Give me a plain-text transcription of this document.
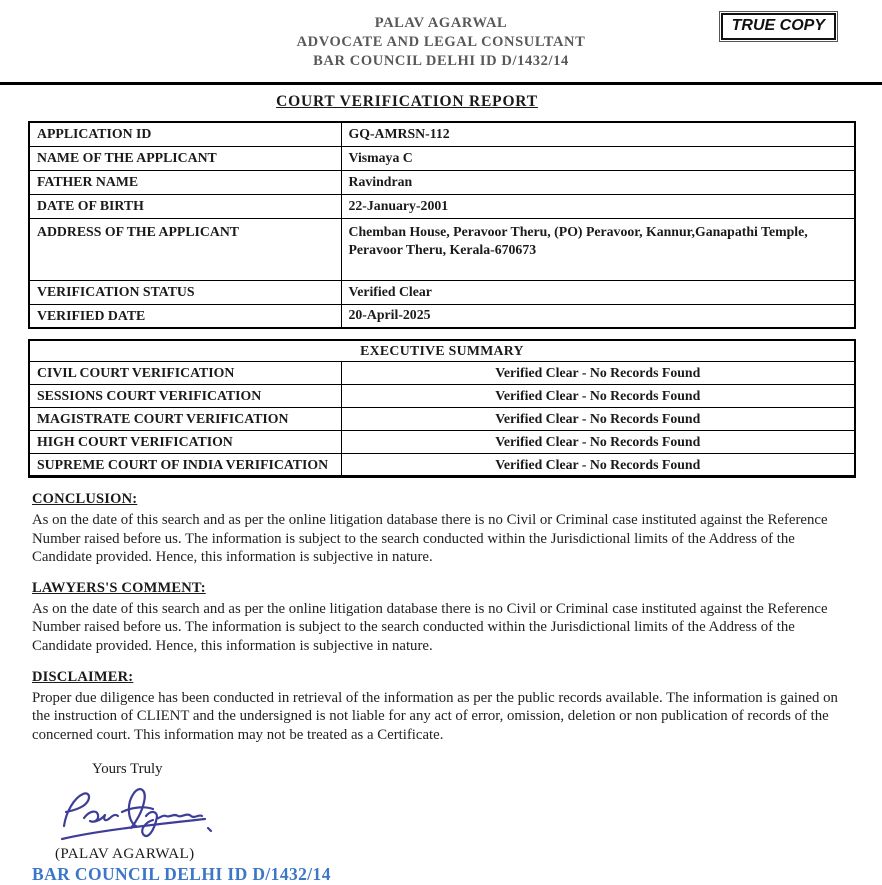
PALAV AGARWAL
ADVOCATE AND LEGAL CONSULTANT
BAR COUNCIL DELHI ID D/1432/14
TRUE COPY
COURT VERIFICATION REPORT
APPLICATION ID	GQ-AMRSN-112
NAME OF THE APPLICANT	Vismaya C
FATHER NAME	Ravindran
DATE OF BIRTH	22-January-2001
ADDRESS OF THE APPLICANT	Chemban House, Peravoor Theru, (PO) Peravoor, Kannur,Ganapathi Temple, Peravoor Theru, Kerala-670673
VERIFICATION STATUS	Verified Clear
VERIFIED DATE	20-April-2025
EXECUTIVE SUMMARY	
CIVIL COURT VERIFICATION	Verified Clear - No Records Found
SESSIONS COURT VERIFICATION	Verified Clear - No Records Found
MAGISTRATE COURT VERIFICATION	Verified Clear - No Records Found
HIGH COURT VERIFICATION	Verified Clear - No Records Found
SUPREME COURT OF INDIA VERIFICATION	Verified Clear - No Records Found
CONCLUSION:
As on the date of this search and as per the online litigation database there is no Civil or Criminal case instituted against the Reference Number raised before us. The information is subject to the search conducted within the Jurisdictional limits of the Address of the Candidate provided. Hence, this information is subjective in nature.
LAWYERS'S COMMENT:
As on the date of this search and as per the online litigation database there is no Civil or Criminal case instituted against the Reference Number raised before us. The information is subject to the search conducted within the Jurisdictional limits of the Address of the Candidate provided. Hence, this information is subjective in nature.
DISCLAIMER:
Proper due diligence has been conducted in retrieval of the information as per the public records available. The information is gained on the instruction of CLIENT and the undersigned is not liable for any act of error, omission, deletion or non publication of records of the concerned court. This information may not be treated as a Certificate.
Yours Truly
(PALAV AGARWAL)
BAR COUNCIL DELHI ID D/1432/14
